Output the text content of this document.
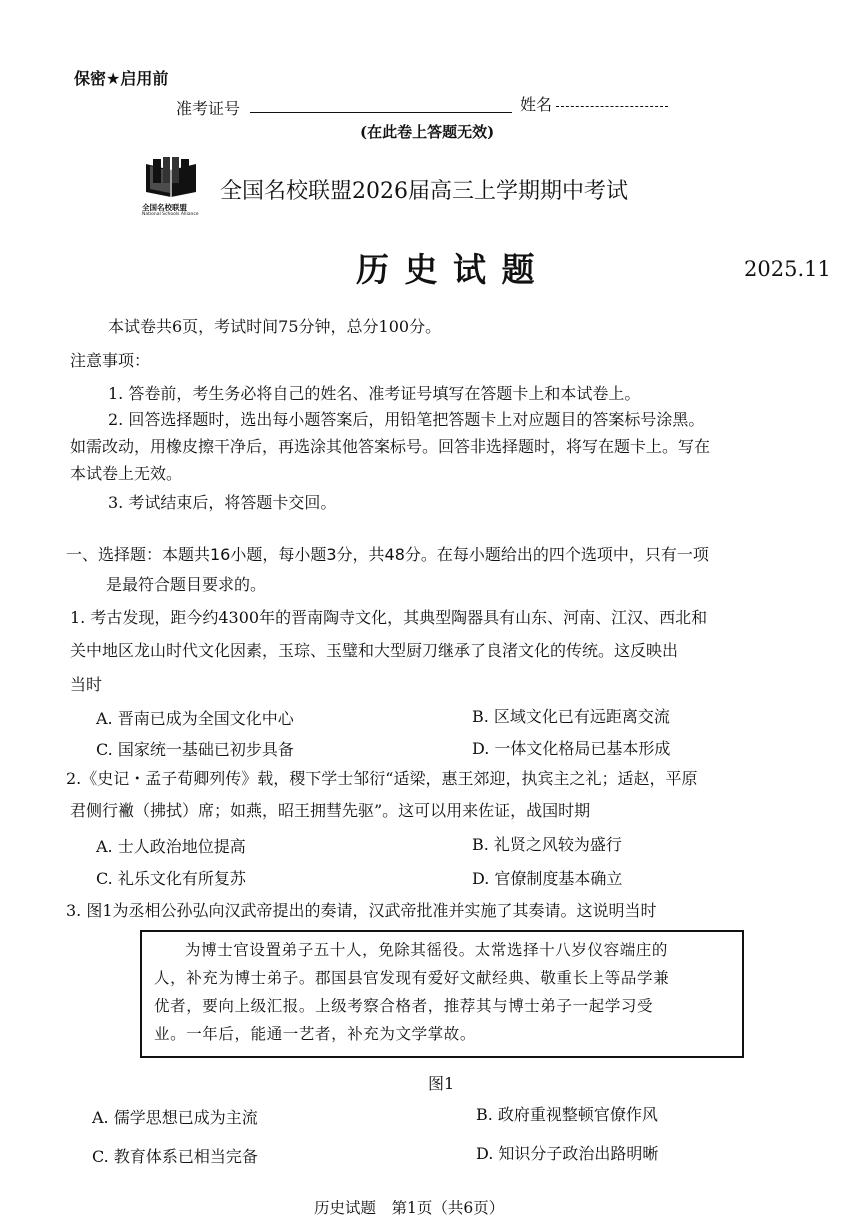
保密★启用前
准考证号	姓名
(在此卷上答题无效)
全国名校联盟
National Schools Alliance
全国名校联盟2026届高三上学期期中考试
历 史 试 题	2025.11
本试卷共6页，考试时间75分钟，总分100分。
注意事项：
1. 答卷前，考生务必将自己的姓名、准考证号填写在答题卡上和本试卷上。
2. 回答选择题时，选出每小题答案后，用铅笔把答题卡上对应题目的答案标号涂黑。
如需改动，用橡皮擦干净后，再选涂其他答案标号。回答非选择题时，将写在题卡上。写在
本试卷上无效。
3. 考试结束后，将答题卡交回。
一、选择题：本题共16小题，每小题3分，共48分。在每小题给出的四个选项中，只有一项
是最符合题目要求的。
1. 考古发现，距今约4300年的晋南陶寺文化，其典型陶器具有山东、河南、江汉、西北和
关中地区龙山时代文化因素，玉琮、玉璧和大型厨刀继承了良渚文化的传统。这反映出
当时
A. 晋南已成为全国文化中心	B. 区域文化已有远距离交流
C. 国家统一基础已初步具备	D. 一体文化格局已基本形成
2.《史记・孟子荀卿列传》载，稷下学士邹衍“适梁，惠王郊迎，执宾主之礼；适赵，平原
君侧行襒（拂拭）席；如燕，昭王拥彗先驱”。这可以用来佐证，战国时期
A. 士人政治地位提高	B. 礼贤之风较为盛行
C. 礼乐文化有所复苏	D. 官僚制度基本确立
3. 图1为丞相公孙弘向汉武帝提出的奏请，汉武帝批准并实施了其奏请。这说明当时

为博士官设置弟子五十人，免除其徭役。太常选择十八岁仪容端庄的

人，补充为博士弟子。郡国县官发现有爱好文献经典、敬重长上等品学兼

优者，要向上级汇报。上级考察合格者，推荐其与博士弟子一起学习受

业。一年后，能通一艺者，补充为文学掌故。

图1
A. 儒学思想已成为主流	B. 政府重视整顿官僚作风
C. 教育体系已相当完备	D. 知识分子政治出路明晰
历史试题　第1页（共6页）
